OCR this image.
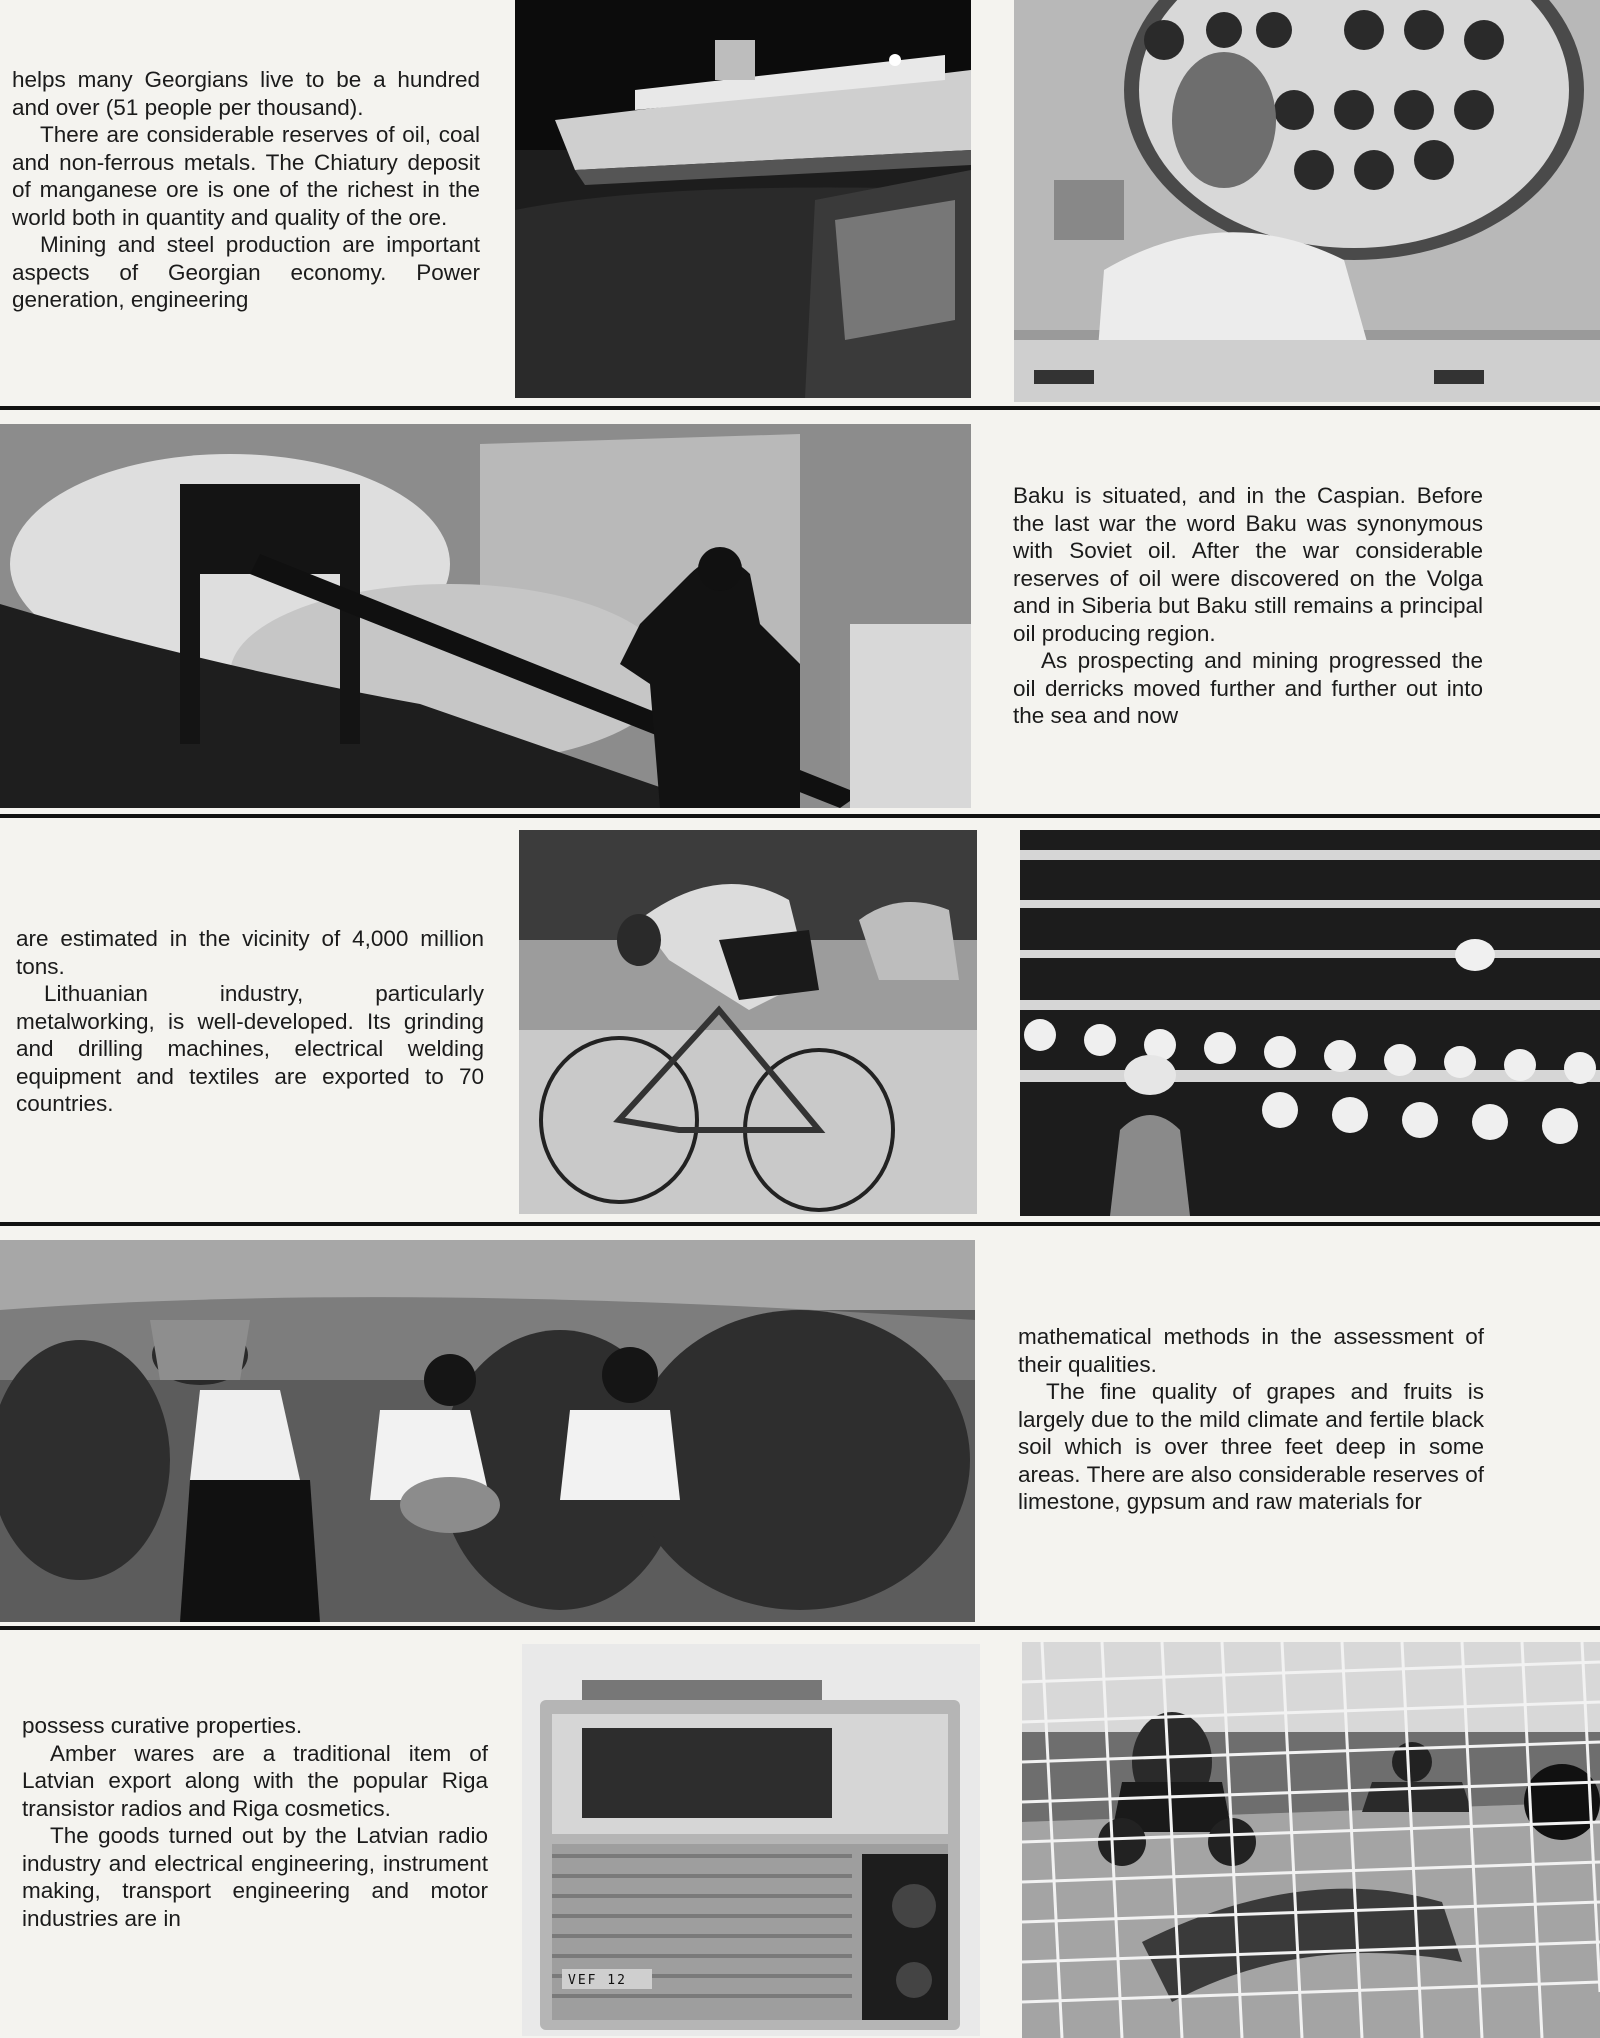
helps many Georgians live to be a hundred and over (51 people per thousand).

There are considerable reserves of oil, coal and non-ferrous metals. The Chiatury deposit of manganese ore is one of the richest in the world both in quantity and quality of the ore.

Mining and steel production are important aspects of Georgian economy. Power generation, engineering

Baku is situated, and in the Caspian. Before the last war the word Baku was synonymous with Soviet oil. After the war considerable reserves of oil were discovered on the Volga and in Siberia but Baku still remains a principal oil producing region.

As prospecting and mining progressed the oil derricks moved further and further out into the sea and now

are estimated in the vicinity of 4,000 million tons.

Lithuanian industry, particularly metalworking, is well-developed. Its grinding and drilling machines, electrical welding equipment and textiles are exported to 70 countries.

mathematical methods in the assessment of their qualities.

The fine quality of grapes and fruits is largely due to the mild climate and fertile black soil which is over three feet deep in some areas. There are also considerable reserves of limestone, gypsum and raw materials for

possess curative properties.

Amber wares are a traditional item of Latvian export along with the popular Riga transistor radios and Riga cosmetics.

The goods turned out by the Latvian radio industry and electrical engineering, instrument making, transport engineering and motor industries are in

VEF 12
